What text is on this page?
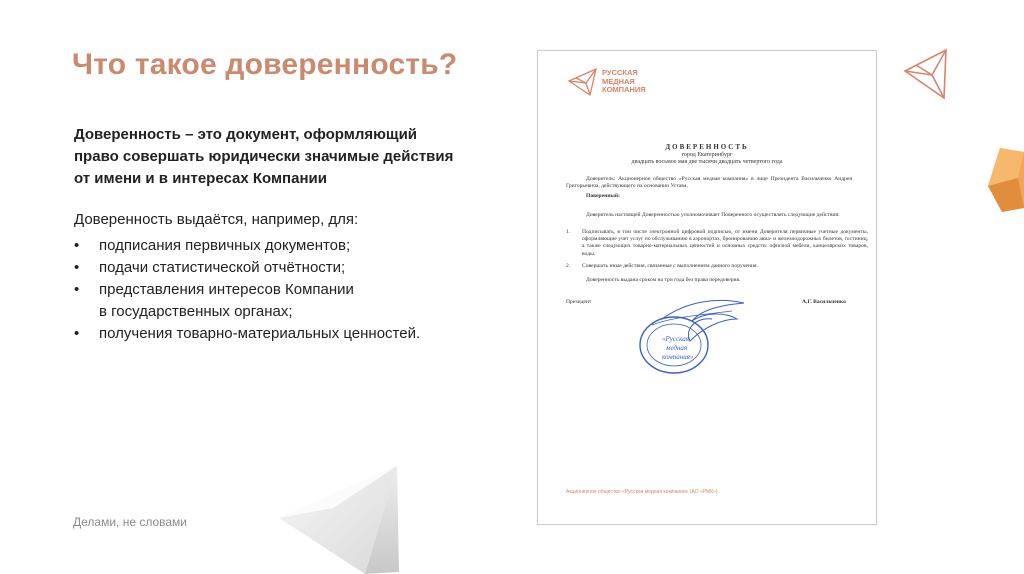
Что такое доверенность?
Доверенность – это документ, оформляющий
право совершать юридически значимые действия
от имени и в интересах Компании
Доверенность выдаётся, например, для:
• подписания первичных документов;
• подачи статистической отчётности;
• представления интересов Компании
в государственных органах;
• получения товарно-материальных ценностей.
Делами, не словами
РУССКАЯ
МЕДНАЯ
КОМПАНИЯ
ДОВЕРЕННОСТЬ
город Екатеринбург
двадцать восьмое мая две тысячи двадцать четвертого года
Доверитель: Акционерное общество «Русская медная компания» в лице Президента Васильченко Андрея Григорьевича, действующего на основании Устава,
Поверенный:
Доверитель настоящей Доверенностью уполномочивает Поверенного осуществлять следующие действия:
1. Подписывать, в том числе электронной цифровой подписью, от имени Доверителя первичные учетные документы, оформляющие учет услуг по обслуживанию в аэропортах, бронированию авиа- и железнодорожных билетов, гостиниц, а также следующих товарно-материальных ценностей и основных средств: офисной мебели, канцелярских товаров, воды.
2. Совершать иные действия, связанные с выполнением данного поручения.
Доверенность выдана сроком на три года без права передоверия.
Президент	А.Г. Васильченко
«Русская
медная
компания»
Акционерное общество «Русская медная компания» (АО «РМК»)
